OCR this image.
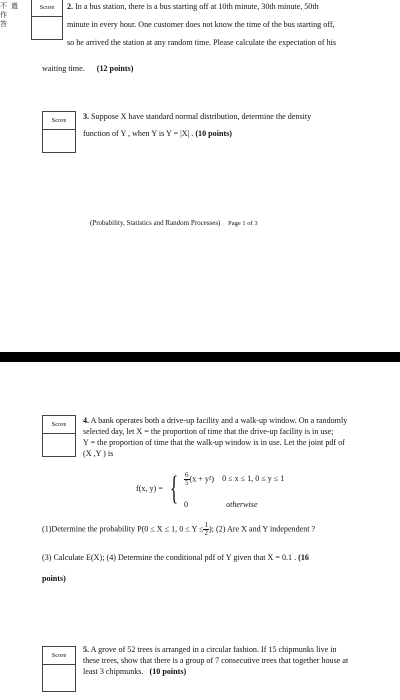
不 遒
作
答
Score	2. In a bus station, there is a bus starting off at 10th minute, 30th minute, 50th

minute in every hour. One customer does not know the time of the bus starting off,

so he arrived the station at any random time. Please calculate the expectation of his

waiting time. (12 points)
Score	3. Suppose X have standard normal distribution, determine the density

function of Y , when Y is Y = |X| . (10 points)

(Probability, Statistics and Random Processes) Page 1 of 3
Score	4. A bank operates both a drive-up facility and a walk-up window. On a randomly

selected day, let X = the proportion of time that the drive-up facility is in use;

Y = the proportion of time that the walk-up window is in use. Let the joint pdf of

(X ,Y ) is

f(x, y) = { $\frac{6}{5} (x + y^2) 0 \le x \le 1$, 0 ≤ y ≤ 1
0	otherwise
(1)Determine the probability P(0 ≤ X ≤ 1, $0 \le Y \le \frac{1}{2}$ ); (2) Are X and Y independent ?
(3) Calculate E(X); (4) Determine the conditional pdf of Y given that X = 0.1 . (16
points)
Score

5. A grove of 52 trees is arranged in a circular fashion. If 15 chipmunks live in

these trees, show that there is a group of 7 consecutive trees that together house at

least 3 chipmunks. (10 points)
